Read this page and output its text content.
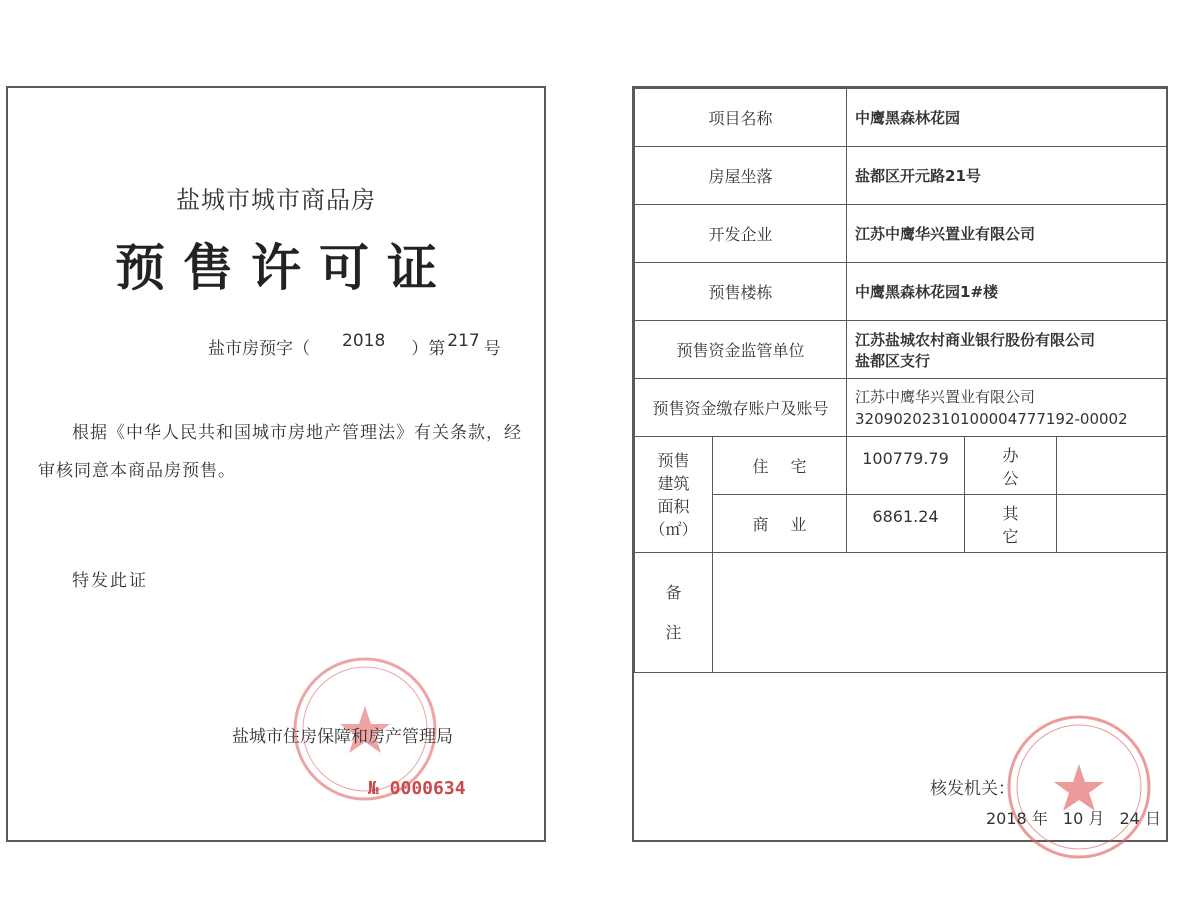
盐城市城市商品房
预售许可证
盐市房预字（ 2018 ）第 217 号
根据《中华人民共和国城市房地产管理法》有关条款，经审核同意本商品房预售。
特发此证
盐城市住房保障和房产管理局
№ 0000634
项目名称		中鹰黑森林花园		
房屋坐落		盐都区开元路21号		
开发企业		江苏中鹰华兴置业有限公司		
预售楼栋		中鹰黑森林花园1#楼		
预售资金监管单位		江苏盐城农村商业银行股份有限公司
盐都区支行		

预售资金缴存账户及账号		江苏中鹰华兴置业有限公司
32090202310100004777192-00002		

预售
建筑
面积
（㎡）	住宅	100779.79	办公	
	商业	6861.24	其它	

备
注				

核发机关：
2018 年 10 月 24 日
